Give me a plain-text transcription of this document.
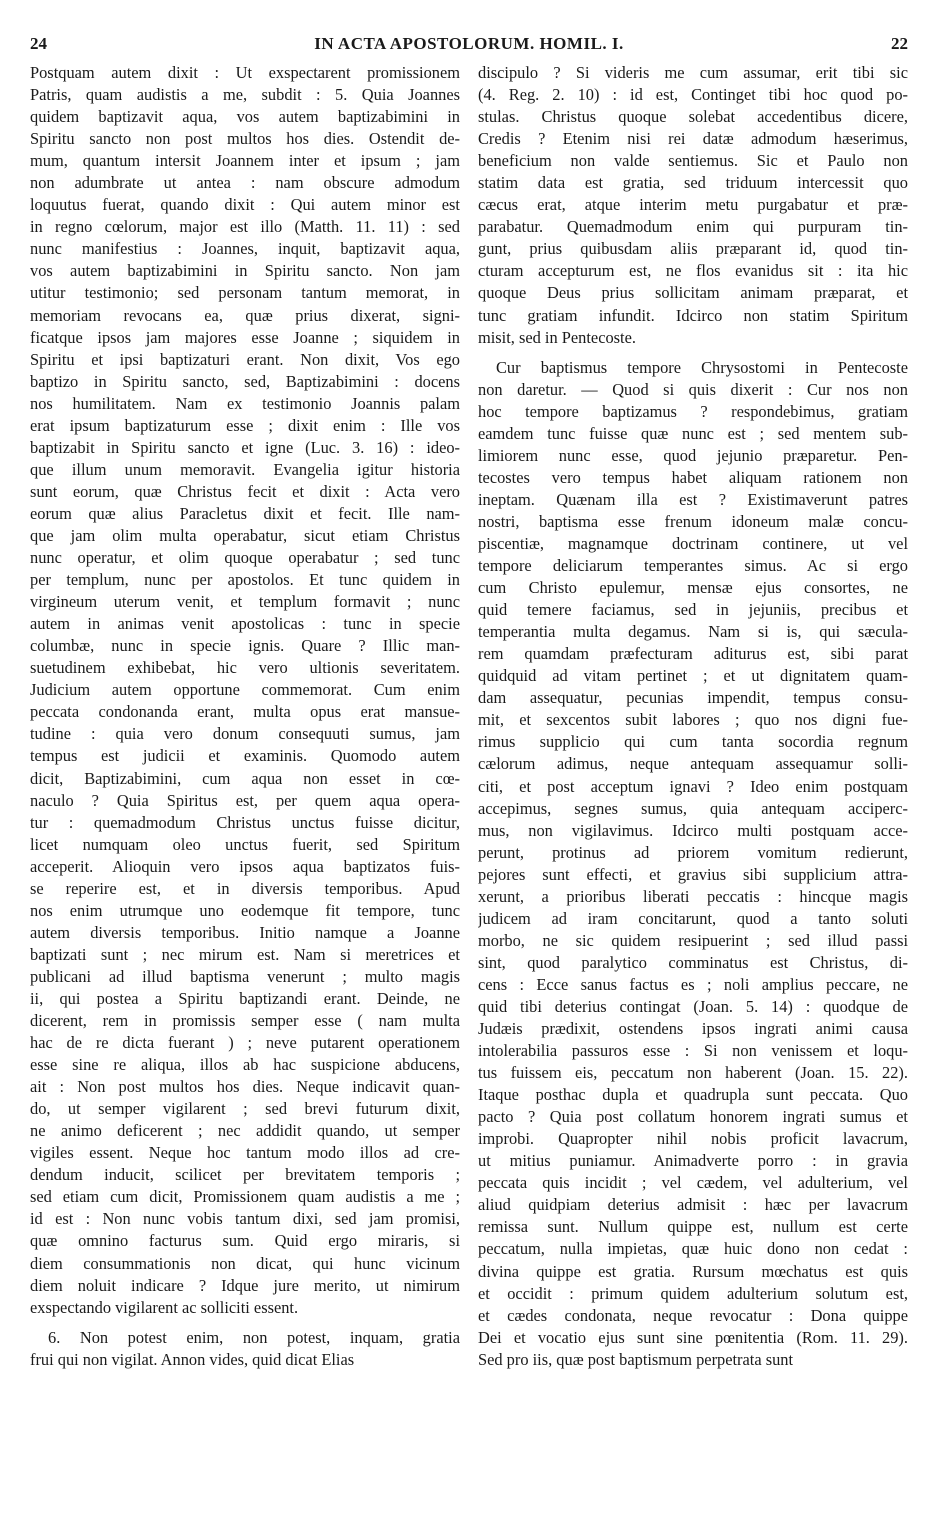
24	IN ACTA APOSTOLORUM. HOMIL. I.	22
Postquam autem dixit : Ut exspectarent promissionem
Patris, quam audistis a me, subdit : 5. Quia Joannes
quidem baptizavit aqua, vos autem baptizabimini in
Spiritu sancto non post multos hos dies. Ostendit de-
mum, quantum intersit Joannem inter et ipsum ; jam
non adumbrate ut antea : nam obscure admodum
loquutus fuerat, quando dixit : Qui autem minor est
in regno cœlorum, major est illo (Matth. 11. 11) : sed
nunc manifestius : Joannes, inquit, baptizavit aqua,
vos autem baptizabimini in Spiritu sancto. Non jam
utitur testimonio; sed personam tantum memorat, in
memoriam revocans ea, quæ prius dixerat, signi-
ficatque ipsos jam majores esse Joanne ; siquidem in
Spiritu et ipsi baptizaturi erant. Non dixit, Vos ego
baptizo in Spiritu sancto, sed, Baptizabimini : docens
nos humilitatem. Nam ex testimonio Joannis palam
erat ipsum baptizaturum esse ; dixit enim : Ille vos
baptizabit in Spiritu sancto et igne (Luc. 3. 16) : ideo-
que illum unum memoravit. Evangelia igitur historia
sunt eorum, quæ Christus fecit et dixit : Acta vero
eorum quæ alius Paracletus dixit et fecit. Ille nam-
que jam olim multa operabatur, sicut etiam Christus
nunc operatur, et olim quoque operabatur ; sed tunc
per templum, nunc per apostolos. Et tunc quidem in
virgineum uterum venit, et templum formavit ; nunc
autem in animas venit apostolicas : tunc in specie
columbæ, nunc in specie ignis. Quare ? Illic man-
suetudinem exhibebat, hic vero ultionis severitatem.
Judicium autem opportune commemorat. Cum enim
peccata condonanda erant, multa opus erat mansue-
tudine : quia vero donum consequuti sumus, jam
tempus est judicii et examinis. Quomodo autem
dicit, Baptizabimini, cum aqua non esset in cœ-
naculo ? Quia Spiritus est, per quem aqua opera-
tur : quemadmodum Christus unctus fuisse dicitur,
licet numquam oleo unctus fuerit, sed Spiritum
acceperit. Alioquin vero ipsos aqua baptizatos fuis-
se reperire est, et in diversis temporibus. Apud
nos enim utrumque uno eodemque fit tempore, tunc
autem diversis temporibus. Initio namque a Joanne
baptizati sunt ; nec mirum est. Nam si meretrices et
publicani ad illud baptisma venerunt ; multo magis
ii, qui postea a Spiritu baptizandi erant. Deinde, ne
dicerent, rem in promissis semper esse ( nam multa
hac de re dicta fuerant ) ; neve putarent operationem
esse sine re aliqua, illos ab hac suspicione abducens,
ait : Non post multos hos dies. Neque indicavit quan-
do, ut semper vigilarent ; sed brevi futurum dixit,
ne animo deficerent ; nec addidit quando, ut semper
vigiles essent. Neque hoc tantum modo illos ad cre-
dendum inducit, scilicet per brevitatem temporis ;
sed etiam cum dicit, Promissionem quam audistis a me ;
id est : Non nunc vobis tantum dixi, sed jam promisi,
quæ omnino facturus sum. Quid ergo miraris, si
diem consummationis non dicat, qui hunc vicinum
diem noluit indicare ? Idque jure merito, ut nimirum
exspectando vigilarent ac solliciti essent.
6. Non potest enim, non potest, inquam, gratia
frui qui non vigilat. Annon vides, quid dicat Elias
discipulo ? Si videris me cum assumar, erit tibi sic
(4. Reg. 2. 10) : id est, Continget tibi hoc quod po-
stulas. Christus quoque solebat accedentibus dicere,
Credis ? Etenim nisi rei datæ admodum hæserimus,
beneficium non valde sentiemus. Sic et Paulo non
statim data est gratia, sed triduum intercessit quo
cæcus erat, atque interim metu purgabatur et præ-
parabatur. Quemadmodum enim qui purpuram tin-
gunt, prius quibusdam aliis præparant id, quod tin-
cturam accepturum est, ne flos evanidus sit : ita hic
quoque Deus prius sollicitam animam præparat, et
tunc gratiam infundit. Idcirco non statim Spiritum
misit, sed in Pentecoste.
Cur baptismus tempore Chrysostomi in Pentecoste
non daretur. — Quod si quis dixerit : Cur nos non
hoc tempore baptizamus ? respondebimus, gratiam
eamdem tunc fuisse quæ nunc est ; sed mentem sub-
limiorem nunc esse, quod jejunio præparetur. Pen-
tecostes vero tempus habet aliquam rationem non
ineptam. Quænam illa est ? Existimaverunt patres
nostri, baptisma esse frenum idoneum malæ concu-
piscentiæ, magnamque doctrinam continere, ut vel
tempore deliciarum temperantes simus. Ac si ergo
cum Christo epulemur, mensæ ejus consortes, ne
quid temere faciamus, sed in jejuniis, precibus et
temperantia multa degamus. Nam si is, qui sæcula-
rem quamdam præfecturam aditurus est, sibi parat
quidquid ad vitam pertinet ; et ut dignitatem quam-
dam assequatur, pecunias impendit, tempus consu-
mit, et sexcentos subit labores ; quo nos digni fue-
rimus supplicio qui cum tanta socordia regnum
cælorum adimus, neque antequam assequamur solli-
citi, et post acceptum ignavi ? Ideo enim postquam
accepimus, segnes sumus, quia antequam acciperc-
mus, non vigilavimus. Idcirco multi postquam acce-
perunt, protinus ad priorem vomitum redierunt,
pejores sunt effecti, et gravius sibi supplicium attra-
xerunt, a prioribus liberati peccatis : hincque magis
judicem ad iram concitarunt, quod a tanto soluti
morbo, ne sic quidem resipuerint ; sed illud passi
sint, quod paralytico comminatus est Christus, di-
cens : Ecce sanus factus es ; noli amplius peccare, ne
quid tibi deterius contingat (Joan. 5. 14) : quodque de
Judæis prædixit, ostendens ipsos ingrati animi causa
intolerabilia passuros esse : Si non venissem et loqu-
tus fuissem eis, peccatum non haberent (Joan. 15. 22).
Itaque posthac dupla et quadrupla sunt peccata. Quo
pacto ? Quia post collatum honorem ingrati sumus et
improbi. Quapropter nihil nobis proficit lavacrum,
ut mitius puniamur. Animadverte porro : in gravia
peccata quis incidit ; vel cædem, vel adulterium, vel
aliud quidpiam deterius admisit : hæc per lavacrum
remissa sunt. Nullum quippe est, nullum est certe
peccatum, nulla impietas, quæ huic dono non cedat :
divina quippe est gratia. Rursum mœchatus est quis
et occidit : primum quidem adulterium solutum est,
et cædes condonata, neque revocatur : Dona quippe
Dei et vocatio ejus sunt sine pœnitentia (Rom. 11. 29).
Sed pro iis, quæ post baptismum perpetrata sunt
